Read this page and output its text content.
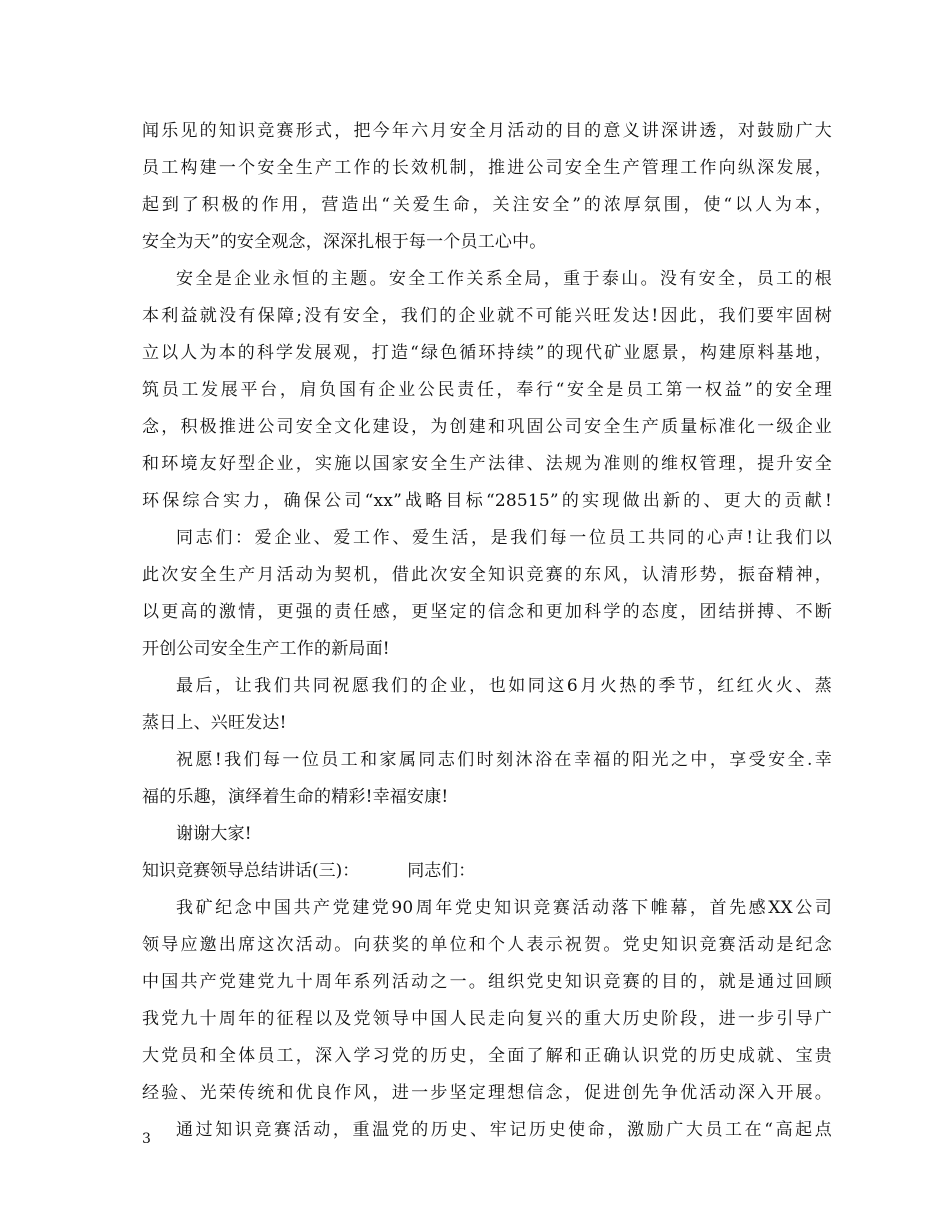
闻乐见的知识竞赛形式，把今年六月安全月活动的目的意义讲深讲透，对鼓励广大
员工构建一个安全生产工作的长效机制，推进公司安全生产管理工作向纵深发展，
起到了积极的作用，营造出“关爱生命，关注安全”的浓厚氛围，使“以人为本，
安全为天”的安全观念，深深扎根于每一个员工心中。
安全是企业永恒的主题。安全工作关系全局，重于泰山。没有安全，员工的根
本利益就没有保障;没有安全，我们的企业就不可能兴旺发达!因此，我们要牢固树
立以人为本的科学发展观，打造“绿色循环持续”的现代矿业愿景，构建原料基地，
筑员工发展平台，肩负国有企业公民责任，奉行“安全是员工第一权益”的安全理
念，积极推进公司安全文化建设，为创建和巩固公司安全生产质量标准化一级企业
和环境友好型企业，实施以国家安全生产法律、法规为准则的维权管理，提升安全
环保综合实力，确保公司“xx”战略目标“28515”的实现做出新的、更大的贡献!
同志们：爱企业、爱工作、爱生活，是我们每一位员工共同的心声!让我们以
此次安全生产月活动为契机，借此次安全知识竞赛的东风，认清形势，振奋精神，
以更高的激情，更强的责任感，更坚定的信念和更加科学的态度，团结拼搏、不断
开创公司安全生产工作的新局面!
最后，让我们共同祝愿我们的企业，也如同这6月火热的季节，红红火火、蒸
蒸日上、兴旺发达!
祝愿!我们每一位员工和家属同志们时刻沐浴在幸福的阳光之中，享受安全.幸
福的乐趣，演绎着生命的精彩!幸福安康!
谢谢大家!
知识竞赛领导总结讲话(三)：	同志们：
我矿纪念中国共产党建党90周年党史知识竞赛活动落下帷幕，首先感XX公司
领导应邀出席这次活动。向获奖的单位和个人表示祝贺。党史知识竞赛活动是纪念
中国共产党建党九十周年系列活动之一。组织党史知识竞赛的目的，就是通过回顾
我党九十周年的征程以及党领导中国人民走向复兴的重大历史阶段，进一步引导广
大党员和全体员工，深入学习党的历史，全面了解和正确认识党的历史成就、宝贵
经验、光荣传统和优良作风，进一步坚定理想信念，促进创先争优活动深入开展。
通过知识竞赛活动，重温党的历史、牢记历史使命，激励广大员工在“高起点
3
